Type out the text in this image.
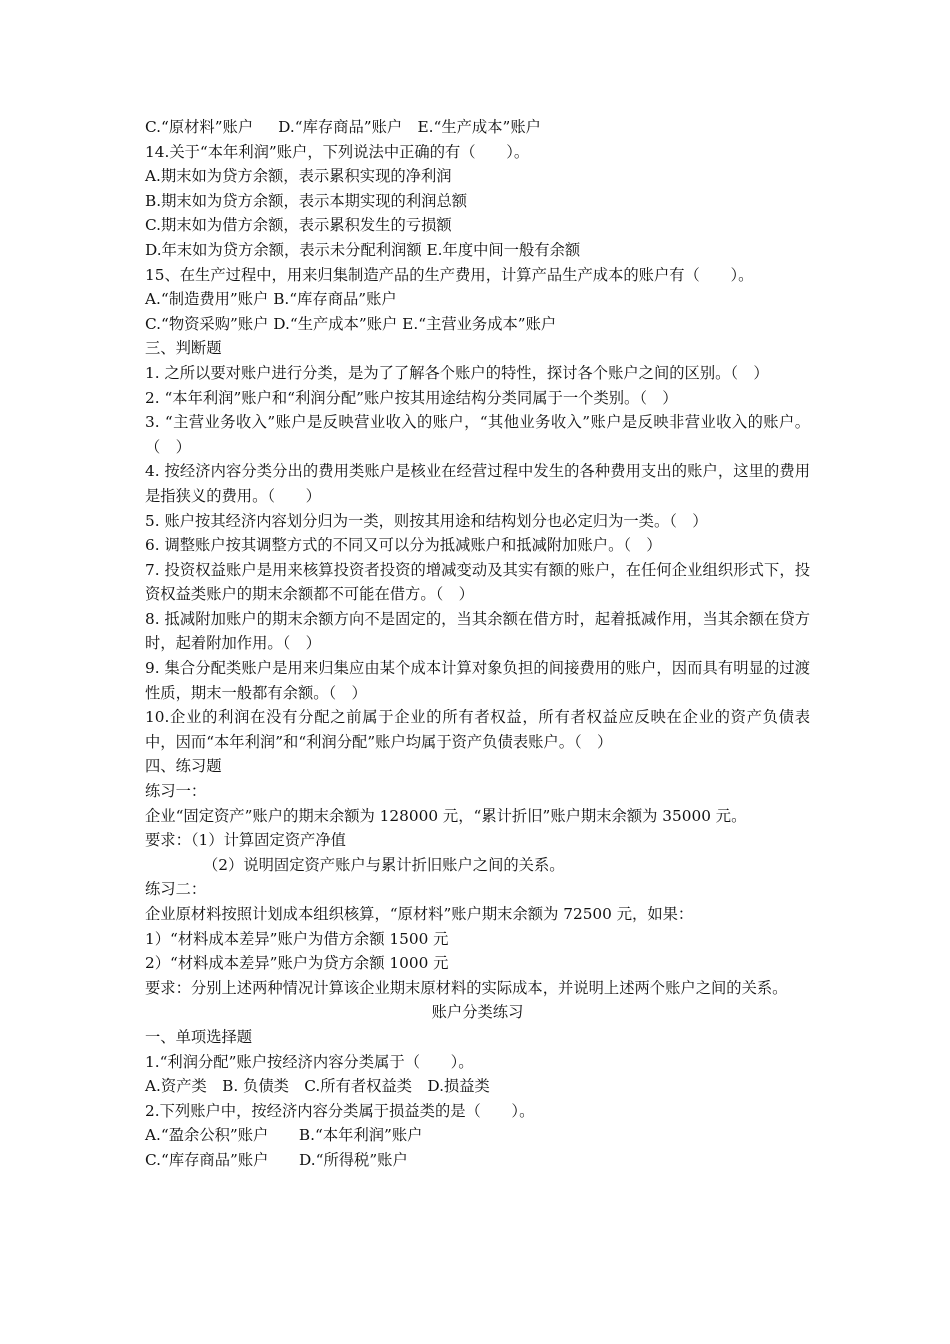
C.“原材料”账户　  D.“库存商品”账户　E.“生产成本”账户
14.关于“本年利润”账户，下列说法中正确的有（　　）。
A.期末如为贷方余额，表示累积实现的净利润
B.期末如为贷方余额，表示本期实现的利润总额
C.期末如为借方余额，表示累积发生的亏损额
D.年末如为贷方余额，表示未分配利润额 E.年度中间一般有余额
15、在生产过程中，用来归集制造产品的生产费用，计算产品生产成本的账户有（　　）。
A.“制造费用”账户 B.“库存商品”账户
C.“物资采购”账户 D.“生产成本”账户 E.“主营业务成本”账户
三、判断题
1. 之所以要对账户进行分类，是为了了解各个账户的特性，探讨各个账户之间的区别。（　）
2. “本年利润”账户和“利润分配”账户按其用途结构分类同属于一个类别。（　）
3. “主营业务收入”账户是反映营业收入的账户，“其他业务收入”账户是反映非营业收入的账户。（　）
4. 按经济内容分类分出的费用类账户是核业在经营过程中发生的各种费用支出的账户，这里的费用是指狭义的费用。（　　）
5. 账户按其经济内容划分归为一类，则按其用途和结构划分也必定归为一类。（　）
6. 调整账户按其调整方式的不同又可以分为抵减账户和抵减附加账户。（　）
7. 投资权益账户是用来核算投资者投资的增减变动及其实有额的账户，在任何企业组织形式下，投资权益类账户的期末余额都不可能在借方。（　）
8. 抵减附加账户的期末余额方向不是固定的，当其余额在借方时，起着抵减作用，当其余额在贷方时，起着附加作用。（　）
9. 集合分配类账户是用来归集应由某个成本计算对象负担的间接费用的账户，因而具有明显的过渡性质，期末一般都有余额。（　）
10.企业的利润在没有分配之前属于企业的所有者权益，所有者权益应反映在企业的资产负债表中，因而“本年利润”和“利润分配”账户均属于资产负债表账户。（　）
四、练习题
练习一：
企业“固定资产”账户的期末余额为 128000 元，“累计折旧”账户期末余额为 35000 元。
要求：（1）计算固定资产净值
（2）说明固定资产账户与累计折旧账户之间的关系。
练习二：
企业原材料按照计划成本组织核算，“原材料”账户期末余额为 72500 元，如果：
1）“材料成本差异”账户为借方余额 1500 元
2）“材料成本差异”账户为贷方余额 1000 元
要求：分别上述两种情况计算该企业期末原材料的实际成本，并说明上述两个账户之间的关系。
账户分类练习
一、单项选择题
1.“利润分配”账户按经济内容分类属于（　　）。
A.资产类　B. 负债类　C.所有者权益类　D.损益类
2.下列账户中，按经济内容分类属于损益类的是（　　）。
A.“盈余公积”账户　　B.“本年利润”账户
C.“库存商品”账户　　D.“所得税”账户
